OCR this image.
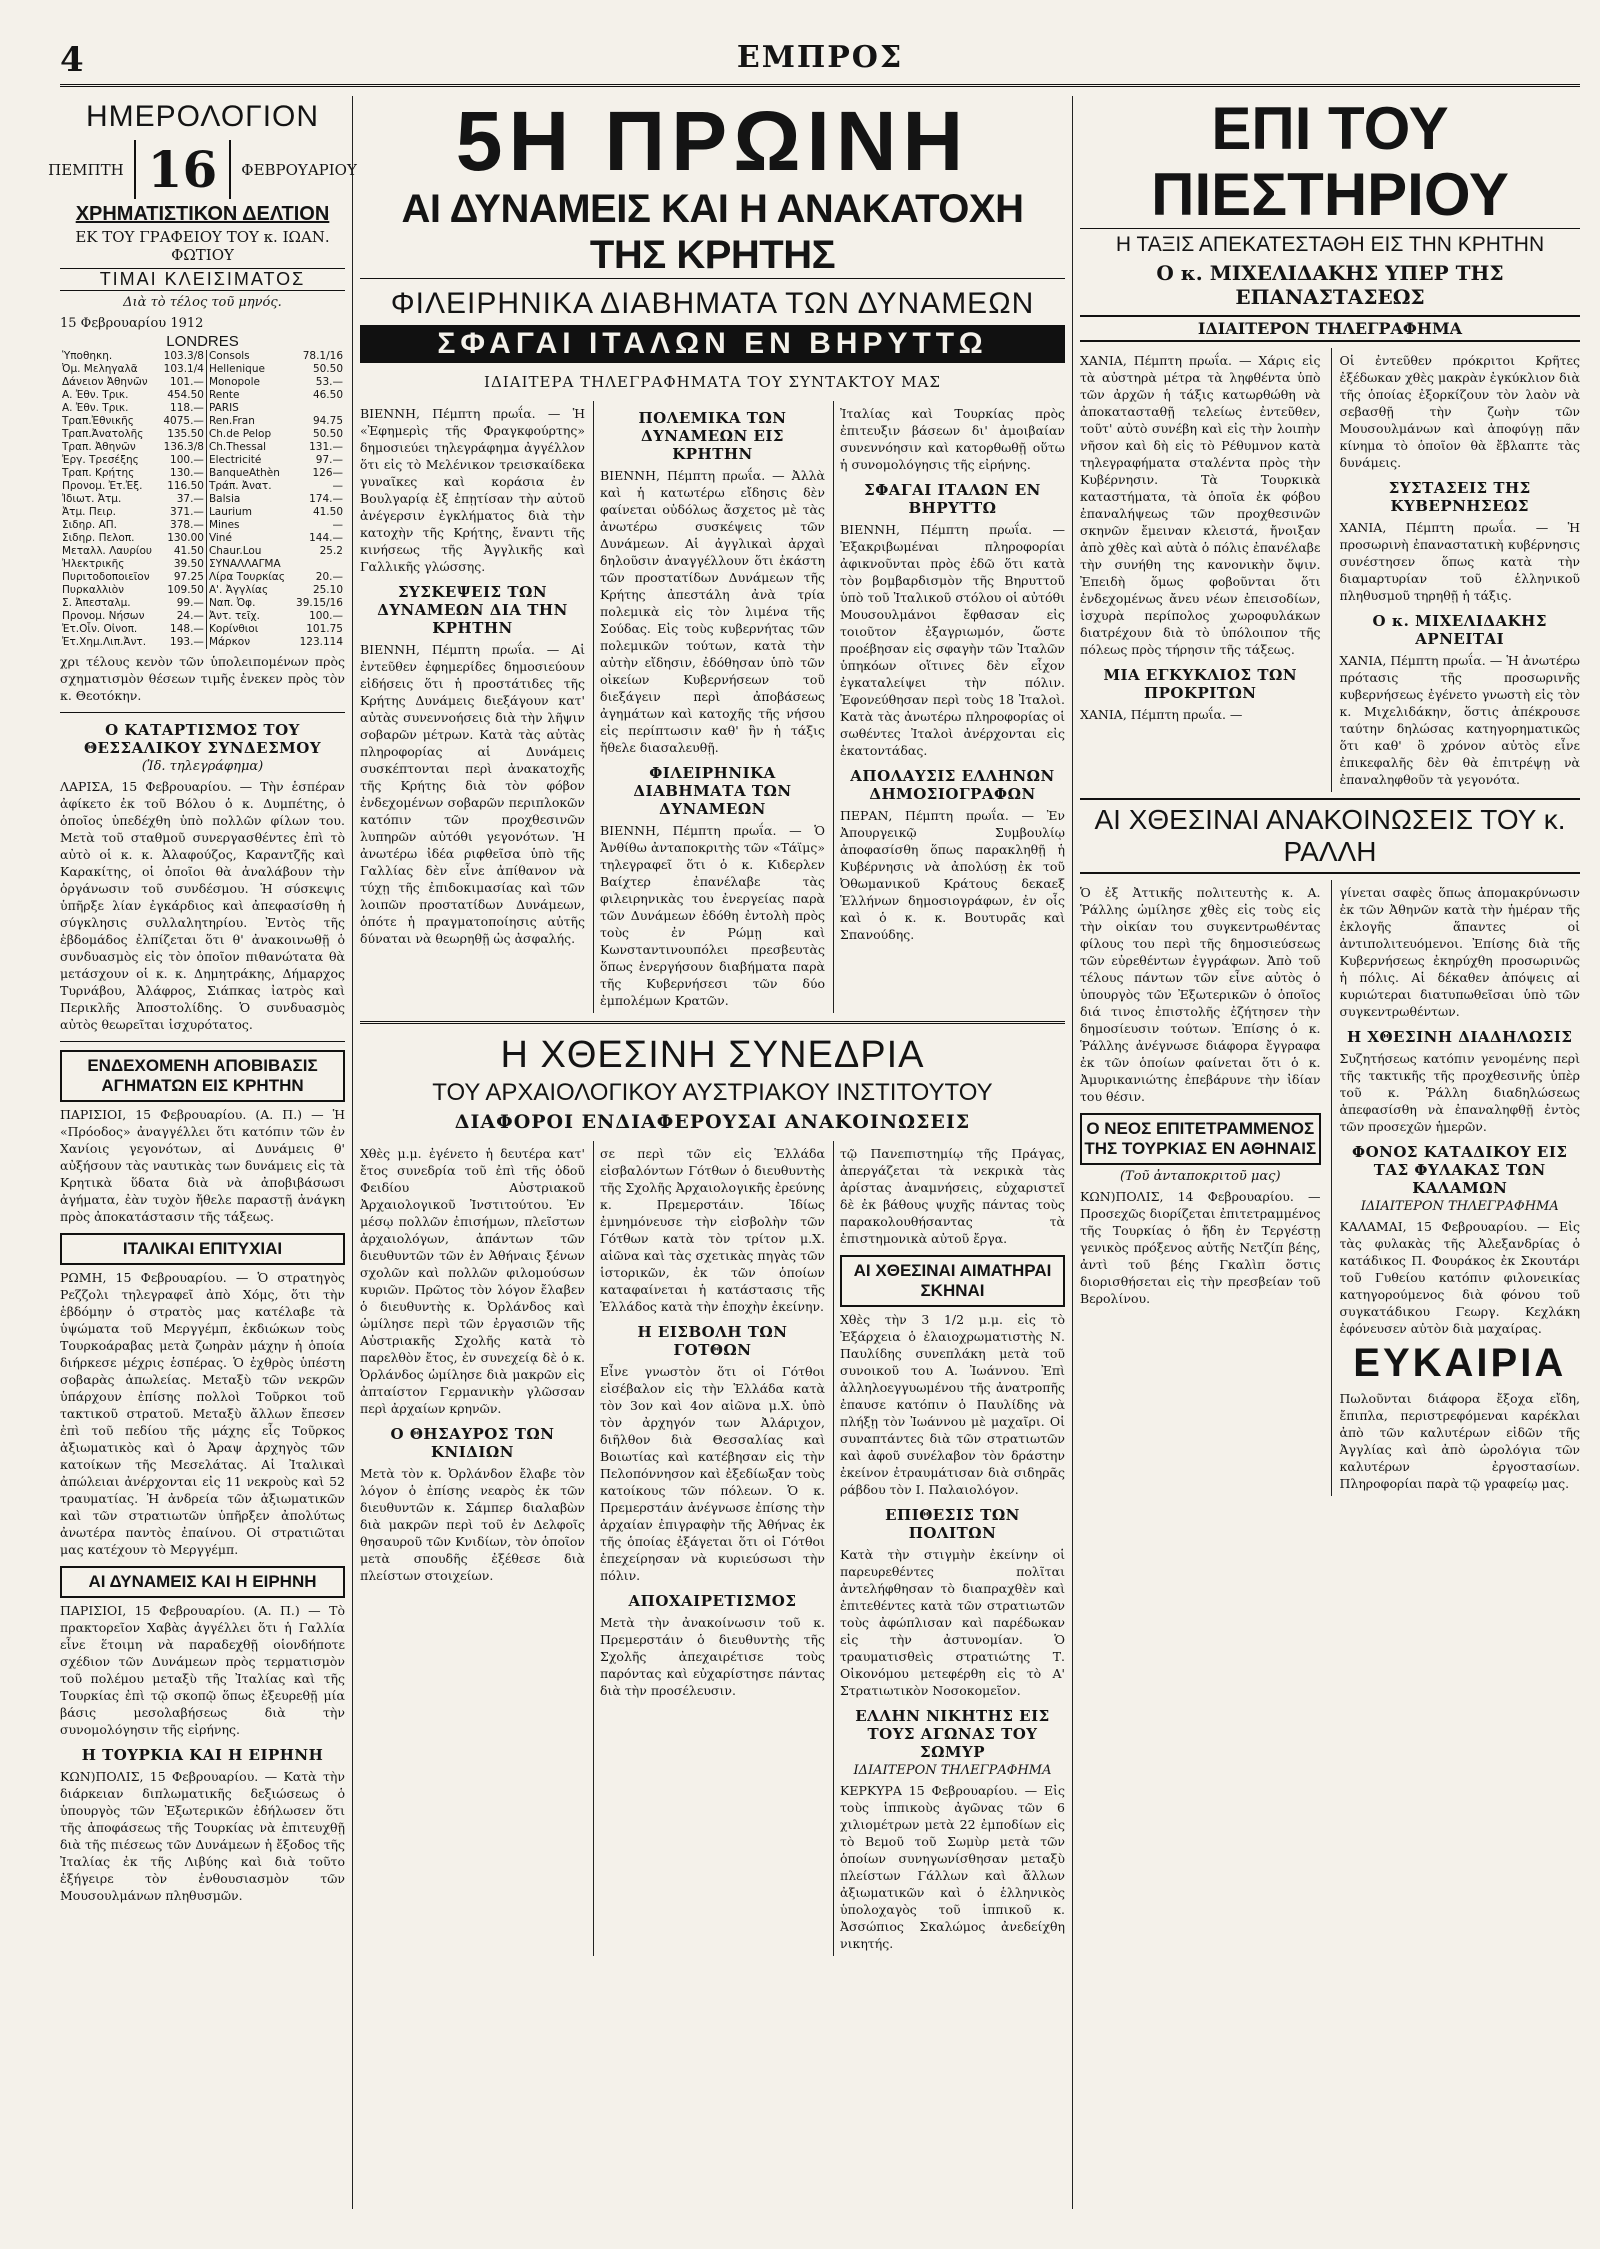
4	ΕΜΠΡΟΣ
ΗΜΕΡΟΛΟΓΙΟΝ
ΠΕΜΠΤΗ 16	ΦΕΒΡΟΥΑΡΙΟΥ
ΧΡΗΜΑΤΙΣΤΙΚΟΝ ΔΕΛΤΙΟΝ
ΕΚ ΤΟΥ ΓΡΑΦΕΙΟΥ ΤΟΥ κ. ΙΩΑΝ. ΦΩΤΙΟΥ
ΤΙΜΑΙ ΚΛΕΙΣΙΜΑΤΟΣ
Διὰ τὸ τέλος τοῦ μηνός.
15 Φεβρουαρίου 1912
LONDRES
Ὑποθηκη.	103.3/8	Consols	78.1/16
Ὀμ. Μεληγαλᾶ	103.1/4	Hellenique	50.50
Δάνειον Ἀθηνῶν	101.—	Monopole	53.—
Α. Ἐθν. Τρικ.	454.50	Rente	46.50
Α. Ἐθν. Τρικ.	118.—	PARIS	
Τραπ.Ἐθνικῆς	4075.—	Ren.Fran	94.75
Τραπ.Ἀνατολῆς	135.50	Ch.de Pelop	50.50
Τραπ. Ἀθηνῶν	136.3/8	Ch.Thessal	131.—
Ἐργ. Τρεσέξης	100.—	Electricité	97.—
Τραπ. Κρήτης	130.—	BanqueAthèn	126—
Προνομ. Ἐτ.Ἐξ.	116.50	Τράπ. Ἀνατ.	—
Ἰδιωτ. Ἀτμ.	37.—	Balsia	174.—
Ἀτμ. Πειρ.	371.—	Laurium	41.50
Σιδηρ. ΑΠ.	378.—	Mines	—
Σιδηρ. Πελοπ.	130.00	Viné	144.—
Μεταλλ. Λαυρίου	41.50	Chaur.Lou	25.2
Ἠλεκτρικῆς	39.50	ΣΥΝΑΛΛΑΓΜΑ	
Πυριτοδοποιεῖον	97.25	Λίρα Τουρκίας	20.—
Πυρκαλλιὸν	109.50	Α'. Ἀγγλίας	25.10
Σ. Ἀπεσταλμ.	99.—	Ναπ. Ὀφ.	39.15/16
Προνομ. Νήσων	24.—	Ἀντ. τεῖχ.	100.—
Ἐτ.Οἶν. Οἰνοπ.	148.—	Κορίνθιοι	101.75
Ἐτ.Χημ.Λιπ.Ἀντ.	193.—	Μάρκον	123.114
χρι τέλους κενὸν τῶν ὑπολειπομένων πρὸς σχηματισμὸν θέσεων τιμῆς ἐνεκεν πρὸς τὸν κ. Θεοτόκην.
Ο ΚΑΤΑΡΤΙΣΜΟΣ ΤΟΥ ΘΕΣΣΑΛΙΚΟΥ ΣΥΝΔΕΣΜΟΥ
(Ἰδ. τηλεγράφημα)
ΛΑΡΙΣΑ, 15 Φεβρουαρίου. — Τὴν ἑσπέραν ἀφίκετο ἐκ τοῦ Βόλου ὁ κ. Δυμπέτης, ὁ ὁποῖος ὑπεδέχθη ὑπὸ πολλῶν φίλων του. Μετὰ τοῦ σταθμοῦ συνεργασθέντες ἐπὶ τὸ αὐτὸ οἱ κ. κ. Ἀλαφούζος, Καραντζῆς καὶ Καρακίτης, οἱ ὁποῖοι θὰ ἀναλάβουν τὴν ὀργάνωσιν τοῦ συνδέσμου. Ἡ σύσκεψις ὑπῆρξε λίαν ἐγκάρδιος καὶ ἀπεφασίσθη ἡ σύγκλησις συλλαλητηρίου. Ἐντὸς τῆς ἑβδομάδος ἐλπίζεται ὅτι θ' ἀνακοινωθῇ ὁ συνδυασμὸς εἰς τὸν ὁποῖον πιθανώτατα θὰ μετάσχουν οἱ κ. κ. Δημητράκης, Δήμαρχος Τυρνάβου, Ἀλάφρος, Σιάπκας ἰατρὸς καὶ Περικλῆς Ἀποστολίδης. Ὁ συνδυασμὸς αὐτὸς θεωρεῖται ἰσχυρότατος.
ΕΝΔΕΧΟΜΕΝΗ ΑΠΟΒΙΒΑΣΙΣ ΑΓΗΜΑΤΩΝ ΕΙΣ ΚΡΗΤΗΝ
ΠΑΡΙΣΙΟΙ, 15 Φεβρουαρίου. (Α. Π.) — Ἡ «Πρόοδος» ἀναγγέλλει ὅτι κατόπιν τῶν ἐν Χανίοις γεγονότων, αἱ Δυνάμεις θ' αὐξήσουν τὰς ναυτικὰς των δυνάμεις εἰς τὰ Κρητικὰ ὕδατα διὰ νὰ ἀποβιβάσωσι ἀγήματα, ἐὰν τυχὸν ἤθελε παραστῇ ἀνάγκη πρὸς ἀποκατάστασιν τῆς τάξεως.
ΙΤΑΛΙΚΑΙ ΕΠΙΤΥΧΙΑΙ
ΡΩΜΗ, 15 Φεβρουαρίου. — Ὁ στρατηγὸς Ρεζζολι τηλεγραφεῖ ἀπὸ Χόμς, ὅτι τὴν ἑβδόμην ὁ στρατὸς μας κατέλαβε τὰ ὑψώματα τοῦ Μεργγέμπ, ἐκδιώκων τοὺς Τουρκοάραβας μετὰ ζωηρὰν μάχην ἡ ὁποία διήρκεσε μέχρις ἑσπέρας. Ὁ ἐχθρὸς ὑπέστη σοβαρὰς ἀπωλείας. Μεταξὺ τῶν νεκρῶν ὑπάρχουν ἐπίσης πολλοὶ Τοῦρκοι τοῦ τακτικοῦ στρατοῦ. Μεταξὺ ἄλλων ἔπεσεν ἐπὶ τοῦ πεδίου τῆς μάχης εἷς Τοῦρκος ἀξιωματικὸς καὶ ὁ Ἀραψ ἀρχηγὸς τῶν κατοίκων τῆς Μεσελάτας. Αἱ Ἰταλικαὶ ἀπώλειαι ἀνέρχονται εἰς 11 νεκροὺς καὶ 52 τραυματίας. Ἡ ἀνδρεία τῶν ἀξιωματικῶν καὶ τῶν στρατιωτῶν ὑπῆρξεν ἀπολύτως ἀνωτέρα παντὸς ἐπαίνου. Οἱ στρατιῶται μας κατέχουν τὸ Μεργγέμπ.
ΑΙ ΔΥΝΑΜΕΙΣ ΚΑΙ Η ΕΙΡΗΝΗ
ΠΑΡΙΣΙΟΙ, 15 Φεβρουαρίου. (Α. Π.) — Τὸ πρακτορεῖον Χαβὰς ἀγγέλλει ὅτι ἡ Γαλλία εἶνε ἕτοιμη νὰ παραδεχθῇ οἱονδήποτε σχέδιον τῶν Δυνάμεων πρὸς τερματισμὸν τοῦ πολέμου μεταξὺ τῆς Ἰταλίας καὶ τῆς Τουρκίας ἐπὶ τῷ σκοπῷ ὅπως ἐξευρεθῇ μία βάσις μεσολαβήσεως διὰ τὴν συνομολόγησιν τῆς εἰρήνης.
Η ΤΟΥΡΚΙΑ ΚΑΙ Η ΕΙΡΗΝΗ
ΚΩΝ)ΠΟΛΙΣ, 15 Φεβρουαρίου. — Κατὰ τὴν διάρκειαν διπλωματικῆς δεξιώσεως ὁ ὑπουργὸς τῶν Ἐξωτερικῶν ἐδήλωσεν ὅτι τῆς ἀποφάσεως τῆς Τουρκίας νὰ ἐπιτευχθῇ διὰ τῆς πιέσεως τῶν Δυνάμεων ἡ ἔξοδος τῆς Ἰταλίας ἐκ τῆς Λιβύης καὶ διὰ τοῦτο ἐξήγειρε τὸν ἐνθουσιασμὸν τῶν Μουσουλμάνων πληθυσμῶν.
5Η ΠΡΩΙΝΗ
ΑΙ ΔΥΝΑΜΕΙΣ ΚΑΙ Η ΑΝΑΚΑΤΟΧΗ ΤΗΣ ΚΡΗΤΗΣ
ΦΙΛΕΙΡΗΝΙΚΑ ΔΙΑΒΗΜΑΤΑ ΤΩΝ ΔΥΝΑΜΕΩΝ
ΣΦΑΓΑΙ ΙΤΑΛΩΝ ΕΝ ΒΗΡΥΤΤΩ
ΙΔΙΑΙΤΕΡΑ ΤΗΛΕΓΡΑΦΗΜΑΤΑ ΤΟΥ ΣΥΝΤΑΚΤΟΥ ΜΑΣ
ΒΙΕΝΝΗ, Πέμπτη πρωΐα. — Ἡ «Ἐφημερὶς τῆς Φραγκφούρτης» δημοσιεύει τηλεγράφημα ἀγγέλλον ὅτι εἰς τὸ Μελένικον τρεισκαίδεκα γυναῖκες καὶ κοράσια ἐν Βουλγαρίᾳ ἐξ ἐπῃτίσαν τὴν αὐτοῦ ἀνέγερσιν ἐγκλήματος διὰ τὴν κατοχὴν τῆς Κρήτης, ἔναντι τῆς κινήσεως τῆς Ἀγγλικῆς καὶ Γαλλικῆς γλώσσης.
ΣΥΣΚΕΨΕΙΣ ΤΩΝ ΔΥΝΑΜΕΩΝ ΔΙΑ ΤΗΝ ΚΡΗΤΗΝ
ΒΙΕΝΝΗ, Πέμπτη πρωΐα. — Αἱ ἐντεῦθεν ἐφημερίδες δημοσιεύουν εἰδήσεις ὅτι ἡ προστάτιδες τῆς Κρήτης Δυνάμεις διεξάγουν κατ' αὐτὰς συνεννοήσεις διὰ τὴν λῆψιν σοβαρῶν μέτρων. Κατὰ τὰς αὐτὰς πληροφορίας αἱ Δυνάμεις συσκέπτονται περὶ ἀνακατοχῆς τῆς Κρήτης διὰ τὸν φόβον ἐνδεχομένων σοβαρῶν περιπλοκῶν κατόπιν τῶν προχθεσινῶν λυπηρῶν αὐτόθι γεγονότων. Ἡ ἀνωτέρω ἰδέα ριφθεῖσα ὑπὸ τῆς Γαλλίας δὲν εἶνε ἀπίθανον νὰ τύχῃ τῆς ἐπιδοκιμασίας καὶ τῶν λοιπῶν προστατίδων Δυνάμεων, ὁπότε ἡ πραγματοποίησις αὐτῆς δύναται νὰ θεωρηθῇ ὡς ἀσφαλής.
ΠΟΛΕΜΙΚΑ ΤΩΝ ΔΥΝΑΜΕΩΝ ΕΙΣ ΚΡΗΤΗΝ
ΒΙΕΝΝΗ, Πέμπτη πρωΐα. — Ἀλλὰ καὶ ἡ κατωτέρω εἴδησις δὲν φαίνεται οὐδόλως ἄσχετος μὲ τὰς ἀνωτέρω συσκέψεις τῶν Δυνάμεων. Αἱ ἀγγλικαὶ ἀρχαὶ δηλοῦσιν ἀναγγέλλουν ὅτι ἐκάστη τῶν προστατίδων Δυνάμεων τῆς Κρήτης ἀπεστάλη ἀνὰ τρία πολεμικὰ εἰς τὸν λιμένα τῆς Σούδας. Εἰς τοὺς κυβερνήτας τῶν πολεμικῶν τούτων, κατὰ τὴν αὐτὴν εἴδησιν, ἐδόθησαν ὑπὸ τῶν οἰκείων Κυβερνήσεων τοῦ διεξάγειν περὶ ἀποβάσεως ἀγημάτων καὶ κατοχῆς τῆς νήσου εἰς περίπτωσιν καθ' ἣν ἡ τάξις ἤθελε διασαλευθῇ.
ΦΙΛΕΙΡΗΝΙΚΑ ΔΙΑΒΗΜΑΤΑ ΤΩΝ ΔΥΝΑΜΕΩΝ
ΒΙΕΝΝΗ, Πέμπτη πρωΐα. — Ὁ Ἀνθίθω ἀνταποκριτὴς τῶν «Τάϊμς» τηλεγραφεῖ ὅτι ὁ κ. Κιδερλεν Βαίχτερ ἐπανέλαβε τὰς φιλειρηνικὰς του ἐνεργείας παρὰ τῶν Δυνάμεων ἐδόθη ἐντολὴ πρὸς τοὺς ἐν Ρώμῃ καὶ Κωνσταντινουπόλει πρεσβευτὰς ὅπως ἐνεργήσουν διαβήματα παρὰ τῆς Κυβερνήσεσι τῶν δύο ἐμπολέμων Κρατῶν.
Ἰταλίας καὶ Τουρκίας πρὸς ἐπιτευξιν βάσεων δι' ἀμοιβαίαν συνεννόησιν καὶ κατορθωθῇ οὕτω ἡ συνομολόγησις τῆς εἰρήνης.
ΣΦΑΓΑΙ ΙΤΑΛΩΝ ΕΝ ΒΗΡΥΤΤΩ
ΒΙΕΝΝΗ, Πέμπτη πρωΐα. — Ἐξακριβωμέναι πληροφορίαι ἀφικνοῦνται πρὸς ἐδῶ ὅτι κατὰ τὸν βομβαρδισμὸν τῆς Βηρυττοῦ ὑπὸ τοῦ Ἰταλικοῦ στόλου οἱ αὐτόθι Μουσουλμάνοι ἔφθασαν εἰς τοιοῦτον ἐξαγριωμόν, ὥστε προέβησαν εἰς σφαγὴν τῶν Ἰταλῶν ὑπηκόων οἵτινες δὲν εἶχον ἐγκαταλείψει τὴν πόλιν. Ἐφονεύθησαν περὶ τοὺς 18 Ἰταλοὶ. Κατὰ τὰς ἀνωτέρω πληροφορίας οἱ σωθέντες Ἰταλοὶ ἀνέρχονται εἰς ἑκατοντάδας.
ΑΠΟΛΑΥΣΙΣ ΕΛΛΗΝΩΝ ΔΗΜΟΣΙΟΓΡΑΦΩΝ
ΠΕΡΑΝ, Πέμπτη πρωΐα. — Ἐν Ἀπουργεικῷ Συμβουλίῳ ἀποφασίσθη ὅπως παρακληθῇ ἡ Κυβέρνησις νὰ ἀπολύσῃ ἐκ τοῦ Ὀθωμανικοῦ Κράτους δεκαεξ Ἑλλήνων δημοσιογράφων, ἐν οἷς καὶ ὁ κ. κ. Βουτυρᾶς καὶ Σπανούδης.
Η ΧΘΕΣΙΝΗ ΣΥΝΕΔΡΙΑ
ΤΟΥ ΑΡΧΑΙΟΛΟΓΙΚΟΥ ΑΥΣΤΡΙΑΚΟΥ ΙΝΣΤΙΤΟΥΤΟΥ
ΔΙΑΦΟΡΟΙ ΕΝΔΙΑΦΕΡΟΥΣΑΙ ΑΝΑΚΟΙΝΩΣΕΙΣ
Χθὲς μ.μ. ἐγένετο ἡ δευτέρα κατ' ἔτος συνεδρία τοῦ ἐπὶ τῆς ὁδοῦ Φειδίου Αὐστριακοῦ Ἀρχαιολογικοῦ Ἰνστιτούτου. Ἐν μέσῳ πολλῶν ἐπισήμων, πλεῖστων ἀρχαιολόγων, ἀπάντων τῶν διευθυντῶν τῶν ἐν Ἀθήναις ξένων σχολῶν καὶ πολλῶν φιλομούσων κυριῶν. Πρῶτος τὸν λόγον ἔλαβεν ὁ διευθυντὴς κ. Ὀρλάνδος καὶ ὡμίλησε περὶ τῶν ἐργασιῶν τῆς Αὐστριακῆς Σχολῆς κατὰ τὸ παρελθὸν ἔτος, ἐν συνεχείᾳ δὲ ὁ κ. Ὀρλάνδος ὡμίλησε διὰ μακρῶν εἰς ἀπταίστον Γερμανικὴν γλῶσσαν περὶ ἀρχαίων κρηνῶν.
Ο ΘΗΣΑΥΡΟΣ ΤΩΝ ΚΝΙΔΙΩΝ
Μετὰ τὸν κ. Ὀρλάνδον ἔλαβε τὸν λόγον ὁ ἐπίσης νεαρὸς ἐκ τῶν διευθυντῶν κ. Σάμπερ διαλαβὼν διὰ μακρῶν περὶ τοῦ ἐν Δελφοῖς θησαυροῦ τῶν Κνιδίων, τὸν ὁποῖον μετὰ σπουδῆς ἐξέθεσε διὰ πλείστων στοιχείων.
σε περὶ τῶν εἰς Ἑλλάδα εἰσβαλόντων Γότθων ὁ διευθυντὴς τῆς Σχολῆς Ἀρχαιολογικῆς ἐρεύνης κ. Πρεμερστάιν. Ἰδίως ἐμνημόνευσε τὴν εἰσβολὴν τῶν Γότθων κατὰ τὸν τρίτον μ.Χ. αἰῶνα καὶ τὰς σχετικὰς πηγὰς τῶν ἱστορικῶν, ἐκ τῶν ὁποίων καταφαίνεται ἡ κατάστασις τῆς Ἑλλάδος κατὰ τὴν ἐποχὴν ἐκείνην.
Η ΕΙΣΒΟΛΗ ΤΩΝ ΓΟΤΘΩΝ
Εἶνε γνωστὸν ὅτι οἱ Γότθοι εἰσέβαλον εἰς τὴν Ἑλλάδα κατὰ τὸν 3ον καὶ 4ον αἰῶνα μ.Χ. ὑπὸ τὸν ἀρχηγόν των Ἀλάριχον, διῆλθον διὰ Θεσσαλίας καὶ Βοιωτίας καὶ κατέβησαν εἰς τὴν Πελοπόννησον καὶ ἐξεδίωξαν τοὺς κατοίκους τῶν πόλεων. Ὁ κ. Πρεμερστάιν ἀνέγνωσε ἐπίσης τὴν ἀρχαίαν ἐπιγραφὴν τῆς Ἀθήνας ἐκ τῆς ὁποίας ἐξάγεται ὅτι οἱ Γότθοι ἐπεχείρησαν νὰ κυριεύσωσι τὴν πόλιν.
ΑΠΟΧΑΙΡΕΤΙΣΜΟΣ
Μετὰ τὴν ἀνακοίνωσιν τοῦ κ. Πρεμερστάιν ὁ διευθυντὴς τῆς Σχολῆς ἀπεχαιρέτισε τοὺς παρόντας καὶ εὐχαρίστησε πάντας διὰ τὴν προσέλευσιν.
τῷ Πανεπιστημίῳ τῆς Πράγας, ἀπεργάζεται τὰ νεκρικὰ τὰς ἀρίστας ἀναμνήσεις, εὐχαριστεῖ δὲ ἐκ βάθους ψυχῆς πάντας τοὺς παρακολουθήσαντας τὰ ἐπιστημονικὰ αὐτοῦ ἔργα.
ΑΙ ΧΘΕΣΙΝΑΙ ΑΙΜΑΤΗΡΑΙ ΣΚΗΝΑΙ
Χθὲς τὴν 3 1/2 μ.μ. εἰς τὸ Ἐξάρχεια ὁ ἐλαιοχρωματιστὴς Ν. Παυλίδης συνεπλάκη μετὰ τοῦ συνοικοῦ του Α. Ἰωάννου. Ἐπὶ ἀλληλοεγγυωμένου τῆς ἀνατροπῆς ἐπαυσε κατόπιν ὁ Παυλίδης νὰ πλήξῃ τὸν Ἰωάννου μὲ μαχαῖρι. Οἱ συναπτάντες διὰ τῶν στρατιωτῶν καὶ ἀφοῦ συνέλαβον τὸν δράστην ἐκείνον ἐτραυμάτισαν διὰ σιδηρᾶς ράβδου τὸν Ι. Παλαιολόγον.
ΕΠΙΘΕΣΙΣ ΤΩΝ ΠΟΛΙΤΩΝ
Κατὰ τὴν στιγμὴν ἐκείνην οἱ παρευρεθέντες πολῖται ἀντελήφθησαν τὸ διαπραχθὲν καὶ ἐπιτεθέντες κατὰ τῶν στρατιωτῶν τοὺς ἀφώπλισαν καὶ παρέδωκαν εἰς τὴν ἀστυνομίαν. Ὁ τραυματισθεὶς στρατιώτης Τ. Οἰκονόμου μετεφέρθη εἰς τὸ Α' Στρατιωτικὸν Νοσοκομεῖον.
ΕΛΛΗΝ ΝΙΚΗΤΗΣ ΕΙΣ ΤΟΥΣ ΑΓΩΝΑΣ ΤΟΥ ΣΩΜΥΡ
ΙΔΙΑΙΤΕΡΟΝ ΤΗΛΕΓΡΑΦΗΜΑ
ΚΕΡΚΥΡΑ 15 Φεβρουαρίου. — Εἰς τοὺς ἱππικοὺς ἀγῶνας τῶν 6 χιλιομέτρων μετὰ 22 ἐμποδίων εἰς τὸ Βεμοῦ τοῦ Σωμὺρ μετὰ τῶν ὁποίων συνηγωνίσθησαν μεταξὺ πλείστων Γάλλων καὶ ἄλλων ἀξιωματικῶν καὶ ὁ ἑλληνικὸς ὑπολοχαγὸς τοῦ ἱππικοῦ κ. Ἀσσώπιος Σκαλώμος ἀνεδείχθη νικητής.
ΕΠΙ ΤΟΥ ΠΙΕΣΤΗΡΙΟΥ
Η ΤΑΞΙΣ ΑΠΕΚΑΤΕΣΤΑΘΗ ΕΙΣ ΤΗΝ ΚΡΗΤΗΝ
Ο κ. ΜΙΧΕΛΙΔΑΚΗΣ ΥΠΕΡ ΤΗΣ ΕΠΑΝΑΣΤΑΣΕΩΣ
ΙΔΙΑΙΤΕΡΟΝ ΤΗΛΕΓΡΑΦΗΜΑ
ΧΑΝΙΑ, Πέμπτη πρωΐα. — Χάρις εἰς τὰ αὐστηρὰ μέτρα τὰ ληφθέντα ὑπὸ τῶν ἀρχῶν ἡ τάξις κατωρθώθη νὰ ἀποκατασταθῇ τελείως ἐντεῦθεν, τοῦτ' αὐτὸ συνέβη καὶ εἰς τὴν λοιπὴν νῆσον καὶ δὴ εἰς τὸ Ρέθυμνον κατὰ τηλεγραφήματα σταλέντα πρὸς τὴν Κυβέρνησιν. Τὰ Τουρκικὰ καταστήματα, τὰ ὁποῖα ἐκ φόβου ἐπαναλήψεως τῶν προχθεσινῶν σκηνῶν ἔμειναν κλειστά, ἤνοιξαν ἀπὸ χθὲς καὶ αὐτὰ ὁ πόλις ἐπανέλαβε τὴν συνήθη της κανονικὴν ὄψιν. Ἐπειδὴ ὅμως φοβοῦνται ὅτι ἐνδεχομένως ἄνευ νέων ἐπεισοδίων, ἰσχυρὰ περίπολος χωροφυλάκων διατρέχουν διὰ τὸ ὑπόλοιπον τῆς πόλεως πρὸς τήρησιν τῆς τάξεως.
ΜΙΑ ΕΓΚΥΚΛΙΟΣ ΤΩΝ ΠΡΟΚΡΙΤΩΝ
ΧΑΝΙΑ, Πέμπτη πρωΐα. —
Οἱ ἐντεῦθεν πρόκριτοι Κρῆτες ἐξέδωκαν χθὲς μακρὰν ἐγκύκλιον διὰ τῆς ὁποίας ἐξορκίζουν τὸν λαὸν νὰ σεβασθῇ τὴν ζωὴν τῶν Μουσουλμάνων καὶ ἀποφύγῃ πᾶν κίνημα τὸ ὁποῖον θὰ ἔβλαπτε τὰς δυνάμεις.
ΣΥΣΤΑΣΕΙΣ ΤΗΣ ΚΥΒΕΡΝΗΣΕΩΣ
ΧΑΝΙΑ, Πέμπτη πρωΐα. — Ἡ προσωρινὴ ἐπαναστατικὴ κυβέρνησις συνέστησεν ὅπως κατὰ τὴν διαμαρτυρίαν τοῦ ἑλληνικοῦ πληθυσμοῦ τηρηθῇ ἡ τάξις.
Ο κ. ΜΙΧΕΛΙΔΑΚΗΣ ΑΡΝΕΙΤΑΙ
ΧΑΝΙΑ, Πέμπτη πρωΐα. — Ἡ ἀνωτέρω πρότασις τῆς προσωρινῆς κυβερνήσεως ἐγένετο γνωστὴ εἰς τὸν κ. Μιχελιδάκην, ὅστις ἀπέκρουσε ταύτην δηλώσας κατηγορηματικῶς ὅτι καθ' ὃ χρόνον αὐτὸς εἶνε ἐπικεφαλῆς δὲν θὰ ἐπιτρέψῃ νὰ ἐπαναληφθοῦν τὰ γεγονότα.
ΑΙ ΧΘΕΣΙΝΑΙ ΑΝΑΚΟΙΝΩΣΕΙΣ ΤΟΥ κ. ΡΑΛΛΗ
Ὁ ἐξ Ἀττικῆς πολιτευτὴς κ. Α. Ῥάλλης ὡμίλησε χθὲς εἰς τοὺς εἰς τὴν οἰκίαν του συγκεντρωθέντας φίλους του περὶ τῆς δημοσιεύσεως τῶν εὐρεθέντων ἐγγράφων. Ἀπὸ τοῦ τέλους πάντων τῶν εἶνε αὐτὸς ὁ ὑπουργὸς τῶν Ἐξωτερικῶν ὁ ὁποῖος διά τινος ἐπιστολῆς ἐζήτησεν τὴν δημοσίευσιν τούτων. Ἐπίσης ὁ κ. Ῥάλλης ἀνέγνωσε διάφορα ἔγγραφα ἐκ τῶν ὁποίων φαίνεται ὅτι ὁ κ. Ἀμυρικανιώτης ἐπεβάρυνε τὴν ἰδίαν του θέσιν.
Ο ΝΕΟΣ ΕΠΙΤΕΤΡΑΜΜΕΝΟΣ ΤΗΣ ΤΟΥΡΚΙΑΣ ΕΝ ΑΘΗΝΑΙΣ
(Τοῦ ἀνταποκριτοῦ μας)
ΚΩΝ)ΠΟΛΙΣ, 14 Φεβρουαρίου. — Προσεχῶς διορίζεται ἐπιτετραμμένος τῆς Τουρκίας ὁ ἤδη ἐν Τεργέστῃ γενικὸς πρόξενος αὐτῆς Νετζίπ βέης, ἀντὶ τοῦ βέης Γκαλὶπ ὅστις διορισθήσεται εἰς τὴν πρεσβείαν τοῦ Βερολίνου.
γίνεται σαφὲς ὅπως ἀπομακρύνωσιν ἐκ τῶν Ἀθηνῶν κατὰ τὴν ἡμέραν τῆς ἐκλογῆς ἅπαντες οἱ ἀντιπολιτευόμενοι. Ἐπίσης διὰ τῆς Κυβερνήσεως ἐκηρύχθη προσωρινῶς ἡ πόλις. Αἱ δέκαθεν ἀπόψεις αἱ κυριώτεραι διατυπωθεῖσαι ὑπὸ τῶν συγκεντρωθέντων.
Η ΧΘΕΣΙΝΗ ΔΙΑΔΗΛΩΣΙΣ
Συζητήσεως κατόπιν γενομένης περὶ τῆς τακτικῆς τῆς προχθεσινῆς ὑπὲρ τοῦ κ. Ῥάλλη διαδηλώσεως ἀπεφασίσθη νὰ ἐπαναληφθῇ ἐντὸς τῶν προσεχῶν ἡμερῶν.
ΦΟΝΟΣ ΚΑΤΑΔΙΚΟΥ ΕΙΣ ΤΑΣ ΦΥΛΑΚΑΣ ΤΩΝ ΚΑΛΑΜΩΝ
ΙΔΙΑΙΤΕΡΟΝ ΤΗΛΕΓΡΑΦΗΜΑ
ΚΑΛΑΜΑΙ, 15 Φεβρουαρίου. — Εἰς τὰς φυλακὰς τῆς Ἀλεξανδρίας ὁ κατάδικος Π. Φουράκος ἐκ Σκουτάρι τοῦ Γυθείου κατόπιν φιλονεικίας κατηγορούμενος διὰ φόνου τοῦ συγκατάδικου Γεωργ. Κεχλάκη ἐφόνευσεν αὐτὸν διὰ μαχαίρας.
ΕΥΚΑΙΡΙΑ
Πωλοῦνται διάφορα ἔξοχα εἴδη, ἔπιπλα, περιστρεφόμεναι καρέκλαι ἀπὸ τῶν καλυτέρων εἰδῶν τῆς Ἀγγλίας καὶ ἀπὸ ὠρολόγια τῶν καλυτέρων ἐργοστασίων. Πληροφορίαι παρὰ τῷ γραφείῳ μας.
